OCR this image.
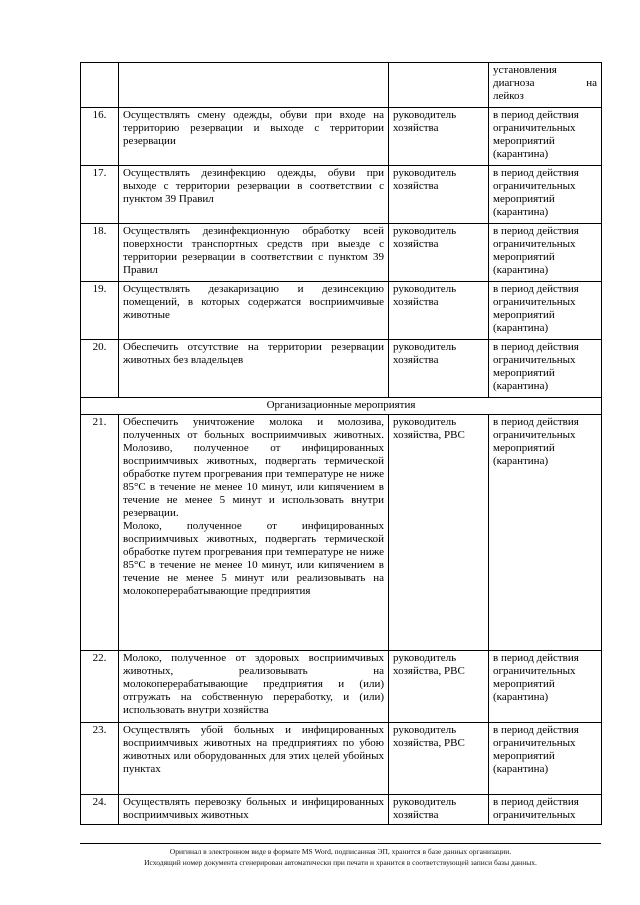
			установления
диагноза на
лейкоз

16.	Осуществлять смену одежды, обуви при входе на территорию резервации и выходе с территории резервации	руководитель хозяйства	в период действия ограничительных мероприятий (карантина)
17.	Осуществлять дезинфекцию одежды, обуви при выходе с территории резервации в соответствии с пунктом 39 Правил	руководитель хозяйства	в период действия ограничительных мероприятий (карантина)
18.	Осуществлять дезинфекционную обработку всей поверхности транспортных средств при выезде с территории резервации в соответствии с пунктом 39 Правил	руководитель хозяйства	в период действия ограничительных мероприятий (карантина)
19.	Осуществлять дезакаризацию и дезинсекцию помещений, в которых содержатся восприимчивые животные	руководитель хозяйства	в период действия ограничительных мероприятий (карантина)
20.	Обеспечить отсутствие на территории резервации животных без владельцев	руководитель хозяйства	в период действия ограничительных мероприятий (карантина)
Организационные мероприятия			
21.	Обеспечить уничтожение молока и молозива, полученных от больных восприимчивых животных. Молозиво, полученное от инфицированных восприимчивых животных, подвергать термической обработке путем прогревания при температуре не ниже 85°С в течение не менее 10 минут, или кипячением в течение не менее 5 минут и использовать внутри резервации.

Молоко, полученное от инфицированных восприимчивых животных, подвергать термической обработке путем прогревания при температуре не ниже 85°С в течение не менее 10 минут, или кипячением в течение не менее 5 минут или реализовывать на молокоперерабатывающие предприятия	руководитель хозяйства, РВС	в период действия ограничительных мероприятий (карантина)
22.	Молоко, полученное от здоровых восприимчивых животных, реализовывать на молокоперерабатывающие предприятия и (или) отгружать на собственную переработку, и (или) использовать внутри хозяйства	руководитель хозяйства, РВС	в период действия ограничительных мероприятий (карантина)
23.	Осуществлять убой больных и инфицированных восприимчивых животных на предприятиях по убою животных или оборудованных для этих целей убойных пунктах	руководитель хозяйства, РВС	в период действия ограничительных мероприятий (карантина)
24.	Осуществлять перевозку больных и инфицированных восприимчивых животных	руководитель хозяйства	в период действия ограничительных
Оригинал в электронном виде в формате MS Word, подписанная ЭП, хранится в базе данных организации.
Исходящий номер документа сгенерирован автоматически при печати и хранится в соответствующей записи базы данных.
